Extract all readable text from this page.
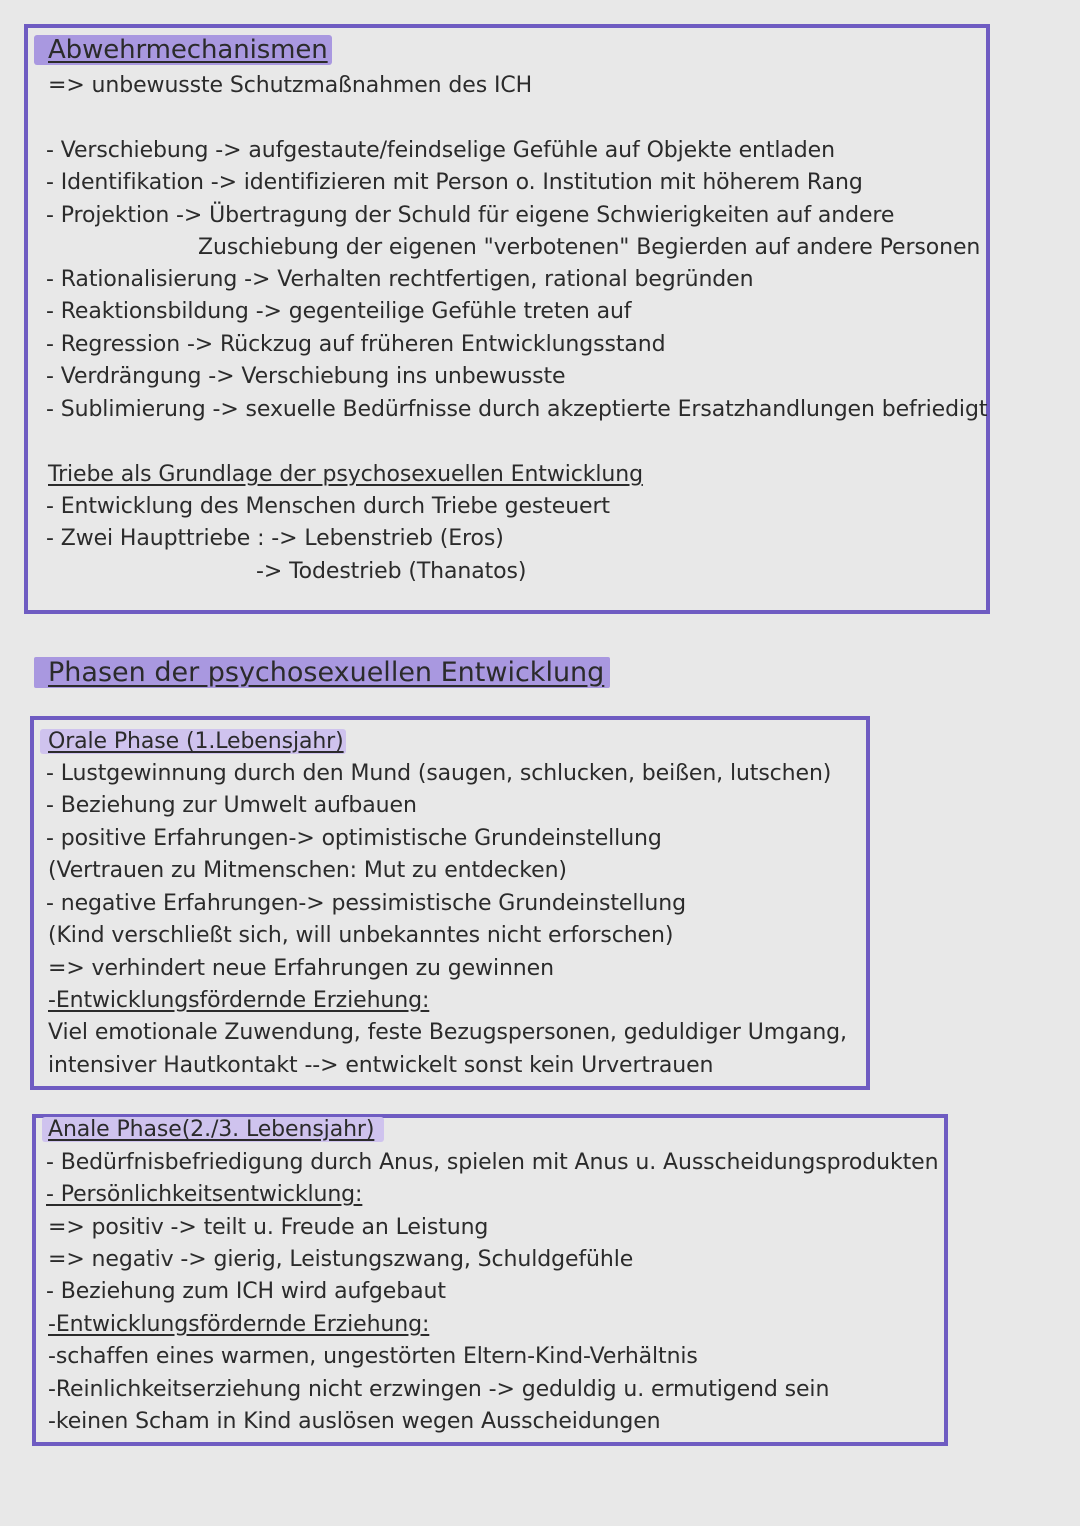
Abwehrmechanismen
=> unbewusste Schutzmaßnahmen des ICH
- Verschiebung -> aufgestaute/feindselige Gefühle auf Objekte entladen
- Identifikation -> identifizieren mit Person o. Institution mit höherem Rang
- Projektion -> Übertragung der Schuld für eigene Schwierigkeiten auf andere
Zuschiebung der eigenen "verbotenen" Begierden auf andere Personen
- Rationalisierung -> Verhalten rechtfertigen, rational begründen
- Reaktionsbildung -> gegenteilige Gefühle treten auf
- Regression -> Rückzug auf früheren Entwicklungsstand
- Verdrängung -> Verschiebung ins unbewusste
- Sublimierung -> sexuelle Bedürfnisse durch akzeptierte Ersatzhandlungen befriedigt
Triebe als Grundlage der psychosexuellen Entwicklung
- Entwicklung des Menschen durch Triebe gesteuert
- Zwei Haupttriebe : -> Lebenstrieb (Eros)
-> Todestrieb (Thanatos)
Phasen der psychosexuellen Entwicklung
Orale Phase (1.Lebensjahr)
- Lustgewinnung durch den Mund (saugen, schlucken, beißen, lutschen)
- Beziehung zur Umwelt aufbauen
- positive Erfahrungen-> optimistische Grundeinstellung
(Vertrauen zu Mitmenschen: Mut zu entdecken)
- negative Erfahrungen-> pessimistische Grundeinstellung
(Kind verschließt sich, will unbekanntes nicht erforschen)
=> verhindert neue Erfahrungen zu gewinnen
-Entwicklungsfördernde Erziehung:
Viel emotionale Zuwendung, feste Bezugspersonen, geduldiger Umgang,
intensiver Hautkontakt --> entwickelt sonst kein Urvertrauen
Anale Phase(2./3. Lebensjahr)
- Bedürfnisbefriedigung durch Anus, spielen mit Anus u. Ausscheidungsprodukten
- Persönlichkeitsentwicklung:
=> positiv -> teilt u. Freude an Leistung
=> negativ -> gierig, Leistungszwang, Schuldgefühle
- Beziehung zum ICH wird aufgebaut
-Entwicklungsfördernde Erziehung:
-schaffen eines warmen, ungestörten Eltern-Kind-Verhältnis
-Reinlichkeitserziehung nicht erzwingen -> geduldig u. ermutigend sein
-keinen Scham in Kind auslösen wegen Ausscheidungen
